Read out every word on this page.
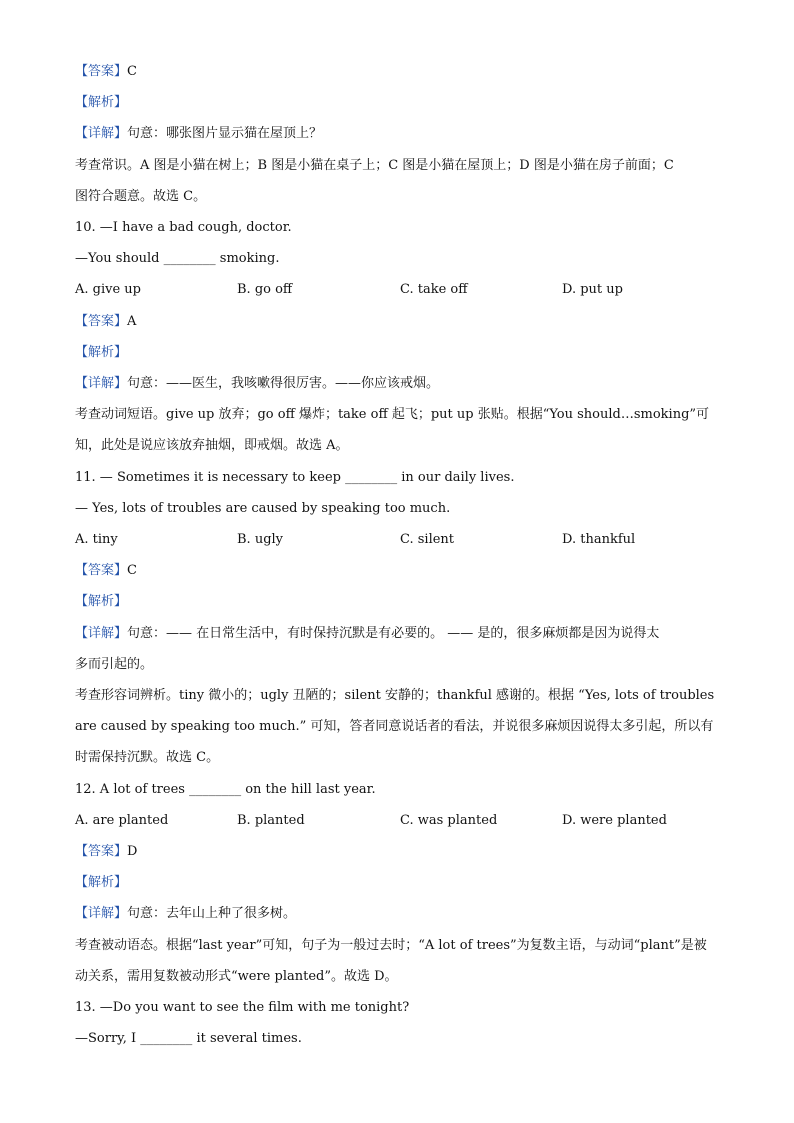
【答案】C
【解析】
【详解】句意：哪张图片显示猫在屋顶上？
考查常识。A 图是小猫在树上；B 图是小猫在桌子上；C 图是小猫在屋顶上；D 图是小猫在房子前面；C
图符合题意。故选 C。
10. —I have a bad cough, doctor.
—You should ________ smoking.
A. give up	B. go off	C. take off	D. put up
【答案】A
【解析】
【详解】句意：——医生，我咳嗽得很厉害。——你应该戒烟。
考查动词短语。give up 放弃；go off 爆炸；take off 起飞；put up 张贴。根据“You should…smoking”可
知，此处是说应该放弃抽烟，即戒烟。故选 A。
11. — Sometimes it is necessary to keep ________ in our daily lives.
— Yes, lots of troubles are caused by speaking too much.
A. tiny	B. ugly	C. silent	D. thankful
【答案】C
【解析】
【详解】句意：—— 在日常生活中，有时保持沉默是有必要的。 —— 是的，很多麻烦都是因为说得太
多而引起的。
考查形容词辨析。tiny 微小的；ugly 丑陋的；silent 安静的；thankful 感谢的。根据 “Yes, lots of troubles
are caused by speaking too much.” 可知，答者同意说话者的看法，并说很多麻烦因说得太多引起，所以有
时需保持沉默。故选 C。
12. A lot of trees ________ on the hill last year.
A. are planted	B. planted	C. was planted	D. were planted
【答案】D
【解析】
【详解】句意：去年山上种了很多树。
考查被动语态。根据“last year”可知，句子为一般过去时；“A lot of trees”为复数主语，与动词“plant”是被
动关系，需用复数被动形式“were planted”。故选 D。
13. —Do you want to see the film with me tonight?
—Sorry, I ________ it several times.
